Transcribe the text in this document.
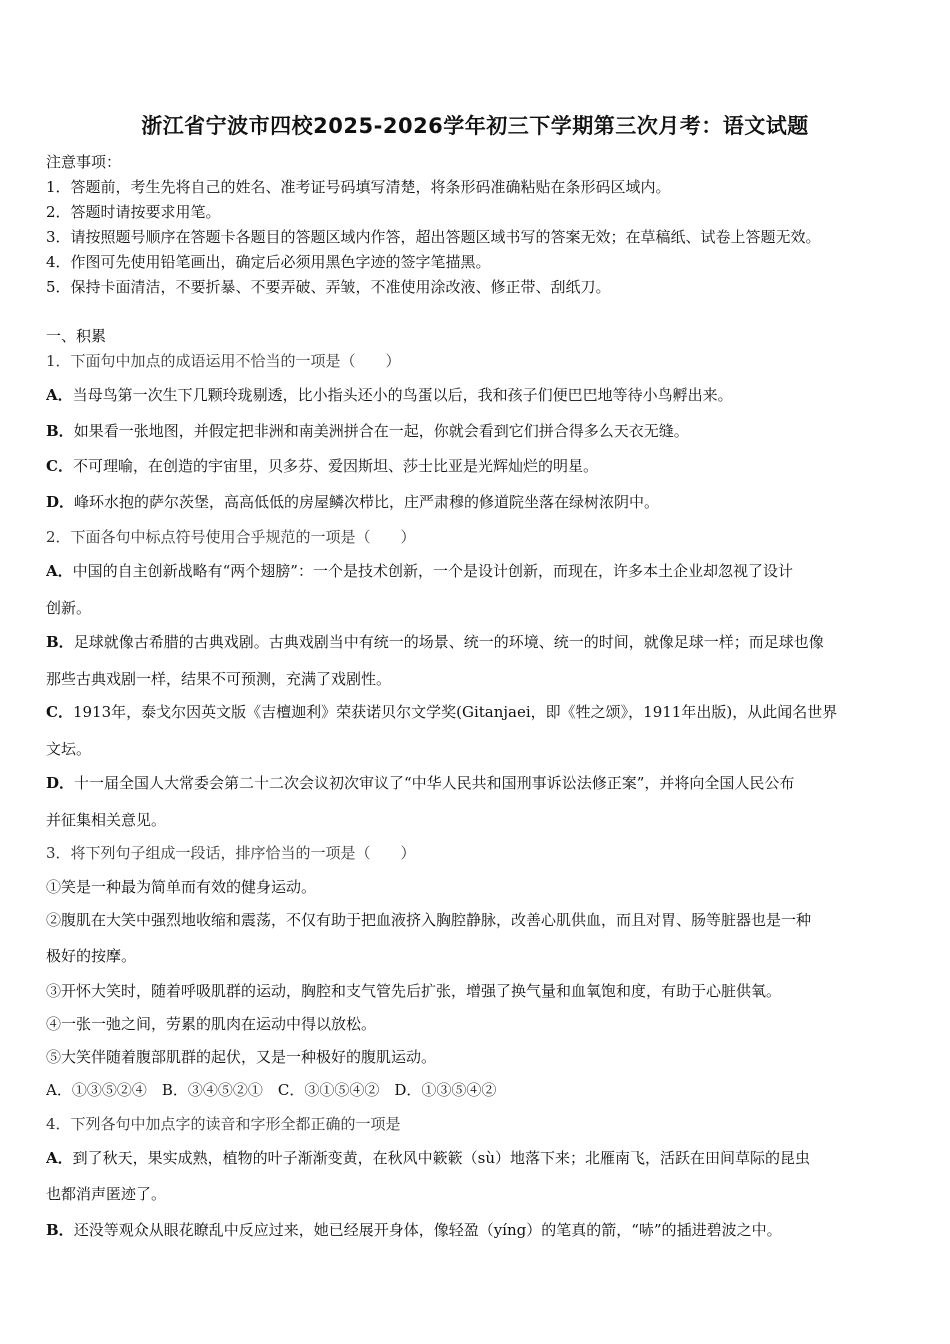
浙江省宁波市四校2025-2026学年初三下学期第三次月考：语文试题
注意事项：
1．答题前，考生先将自己的姓名、准考证号码填写清楚，将条形码准确粘贴在条形码区域内。
2．答题时请按要求用笔。
3．请按照题号顺序在答题卡各题目的答题区域内作答，超出答题区域书写的答案无效；在草稿纸、试卷上答题无效。
4．作图可先使用铅笔画出，确定后必须用黑色字迹的签字笔描黑。
5．保持卡面清洁，不要折暴、不要弄破、弄皱，不准使用涂改液、修正带、刮纸刀。
一、积累
1．下面句中加点的成语运用不恰当的一项是（　　）
A．当母鸟第一次生下几颗玲珑剔透，比小指头还小的鸟蛋以后，我和孩子们便巴巴地等待小鸟孵出来。
B．如果看一张地图，并假定把非洲和南美洲拼合在一起，你就会看到它们拼合得多么天衣无缝。
C．不可理喻，在创造的宇宙里，贝多芬、爱因斯坦、莎士比亚是光辉灿烂的明星。
D．峰环水抱的萨尔茨堡，高高低低的房屋鳞次栉比，庄严肃穆的修道院坐落在绿树浓阴中。
2．下面各句中标点符号使用合乎规范的一项是（　　）
A．中国的自主创新战略有“两个翅膀”：一个是技术创新，一个是设计创新，而现在，许多本土企业却忽视了设计
创新。
B．足球就像古希腊的古典戏剧。古典戏剧当中有统一的场景、统一的环境、统一的时间，就像足球一样；而足球也像
那些古典戏剧一样，结果不可预测，充满了戏剧性。
C．1913年，泰戈尔因英文版《吉檀迦利》荣获诺贝尔文学奖(Gitanjaei，即《牲之颂》，1911年出版)，从此闻名世界
文坛。
D．十一届全国人大常委会第二十二次会议初次审议了“中华人民共和国刑事诉讼法修正案”，并将向全国人民公布
并征集相关意见。
3．将下列句子组成一段话，排序恰当的一项是（　　）
①笑是一种最为简单而有效的健身运动。
②腹肌在大笑中强烈地收缩和震荡，不仅有助于把血液挤入胸腔静脉，改善心肌供血，而且对胃、肠等脏器也是一种
极好的按摩。
③开怀大笑时，随着呼吸肌群的运动，胸腔和支气管先后扩张，增强了换气量和血氧饱和度，有助于心脏供氧。
④一张一弛之间，劳累的肌肉在运动中得以放松。
⑤大笑伴随着腹部肌群的起伏，又是一种极好的腹肌运动。
A．①③⑤②④　B．③④⑤②①　C．③①⑤④②　D．①③⑤④②
4．下列各句中加点字的读音和字形全都正确的一项是
A．到了秋天，果实成熟，植物的叶子渐渐变黄，在秋风中簌簌（sù）地落下来；北雁南飞，活跃在田间草际的昆虫
也都消声匿迹了。
B．还没等观众从眼花瞭乱中反应过来，她已经展开身体，像轻盈（yíng）的笔真的箭，“哧”的插进碧波之中。
